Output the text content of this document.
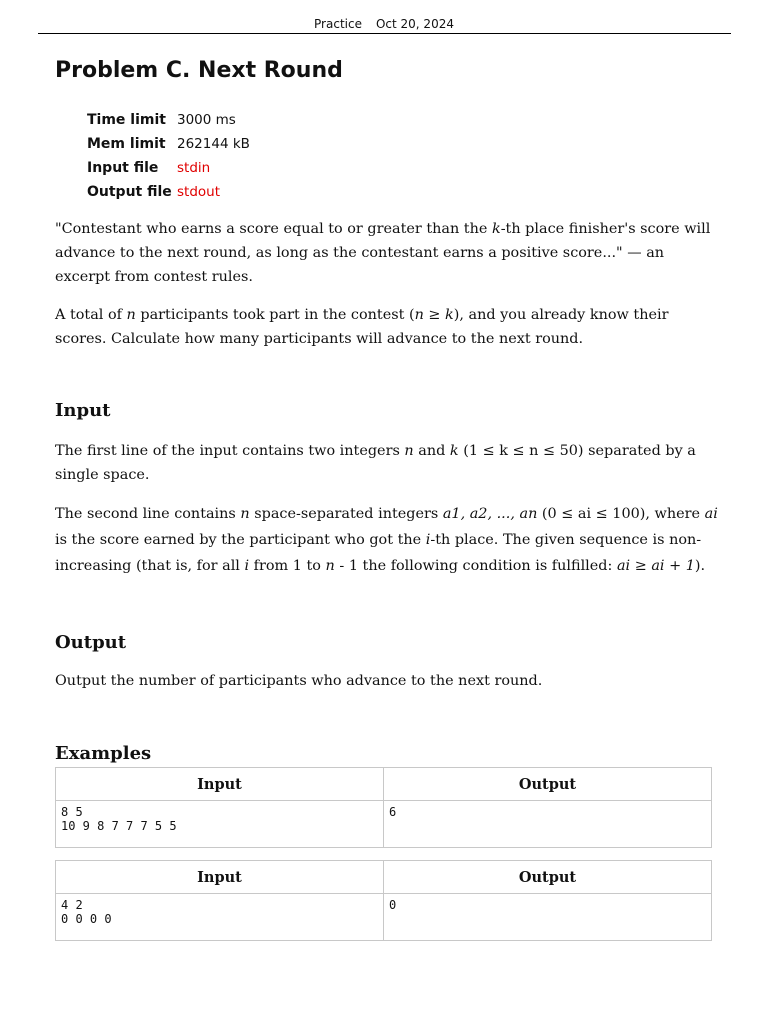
Practice Oct 20, 2024
Problem C. Next Round
Time limit	3000 ms
Mem limit	262144 kB
Input file	stdin
Output file	stdout

"Contestant who earns a score equal to or greater than the k-th place finisher's score will advance to the next round, as long as the contestant earns a positive score..." — an excerpt from contest rules.

A total of n participants took part in the contest (n ≥ k), and you already know their scores. Calculate how many participants will advance to the next round.

Input

The first line of the input contains two integers n and k (1 ≤ k ≤ n ≤ 50) separated by a single space.

The second line contains n space-separated integers a1, a2, ..., an (0 ≤ ai ≤ 100), where ai is the score earned by the participant who got the i-th place. The given sequence is non-increasing (that is, for all i from 1 to n - 1 the following condition is fulfilled: ai ≥ ai + 1).

Output

Output the number of participants who advance to the next round.

Examples
Input	Output
8 5
10 9 8 7 7 7 5 5	6
Input	Output
4 2
0 0 0 0	0
